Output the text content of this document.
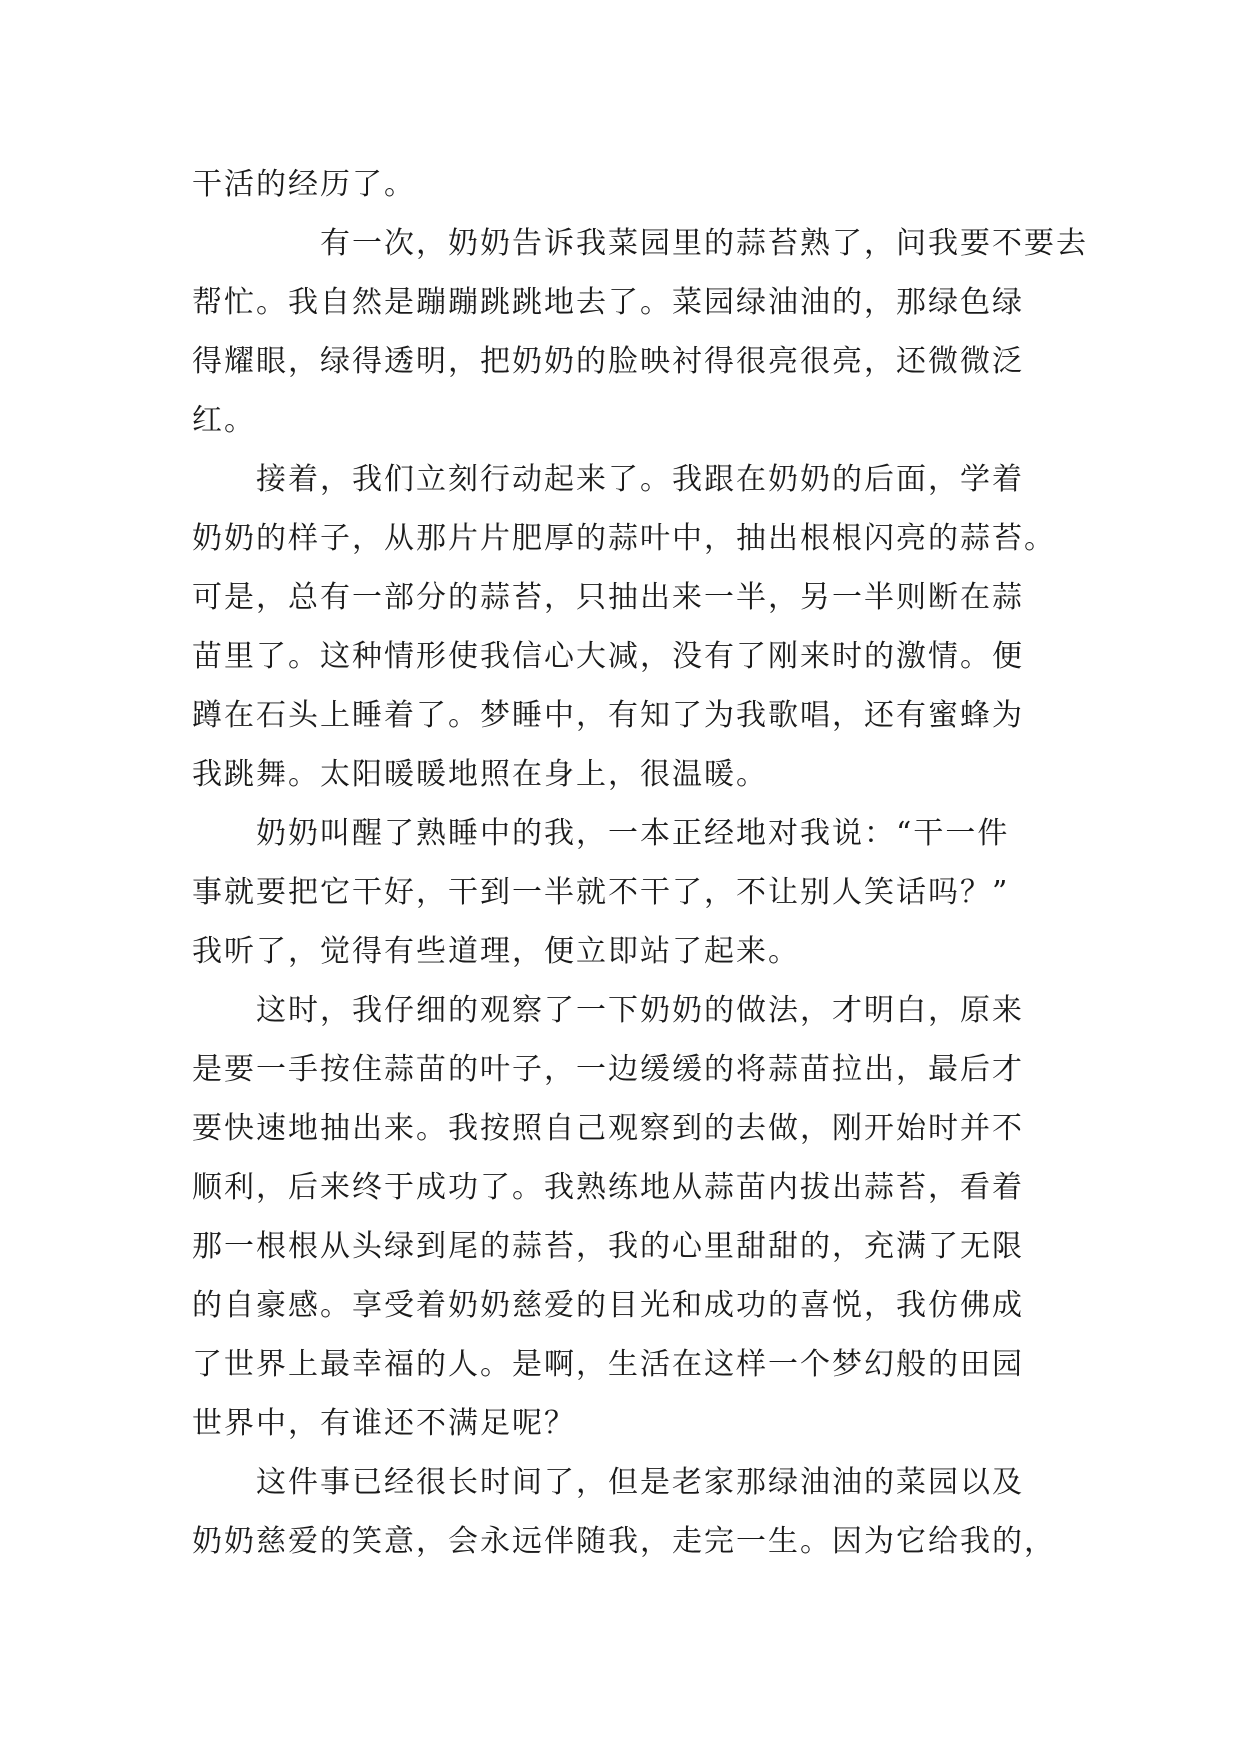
干活的经历了。

有一次，奶奶告诉我菜园里的蒜苔熟了，问我要不要去
帮忙。我自然是蹦蹦跳跳地去了。菜园绿油油的，那绿色绿
得耀眼，绿得透明，把奶奶的脸映衬得很亮很亮，还微微泛
红。

接着，我们立刻行动起来了。我跟在奶奶的后面，学着
奶奶的样子，从那片片肥厚的蒜叶中，抽出根根闪亮的蒜苔。
可是，总有一部分的蒜苔，只抽出来一半，另一半则断在蒜
苗里了。这种情形使我信心大减，没有了刚来时的激情。便
蹲在石头上睡着了。梦睡中，有知了为我歌唱，还有蜜蜂为
我跳舞。太阳暖暖地照在身上，很温暖。

奶奶叫醒了熟睡中的我，一本正经地对我说：“干一件
事就要把它干好，干到一半就不干了，不让别人笑话吗？”
我听了，觉得有些道理，便立即站了起来。

这时，我仔细的观察了一下奶奶的做法，才明白，原来
是要一手按住蒜苗的叶子，一边缓缓的将蒜苗拉出，最后才
要快速地抽出来。我按照自己观察到的去做，刚开始时并不
顺利，后来终于成功了。我熟练地从蒜苗内拔出蒜苔，看着
那一根根从头绿到尾的蒜苔，我的心里甜甜的，充满了无限
的自豪感。享受着奶奶慈爱的目光和成功的喜悦，我仿佛成
了世界上最幸福的人。是啊，生活在这样一个梦幻般的田园
世界中，有谁还不满足呢？

这件事已经很长时间了，但是老家那绿油油的菜园以及
奶奶慈爱的笑意，会永远伴随我，走完一生。因为它给我的，
